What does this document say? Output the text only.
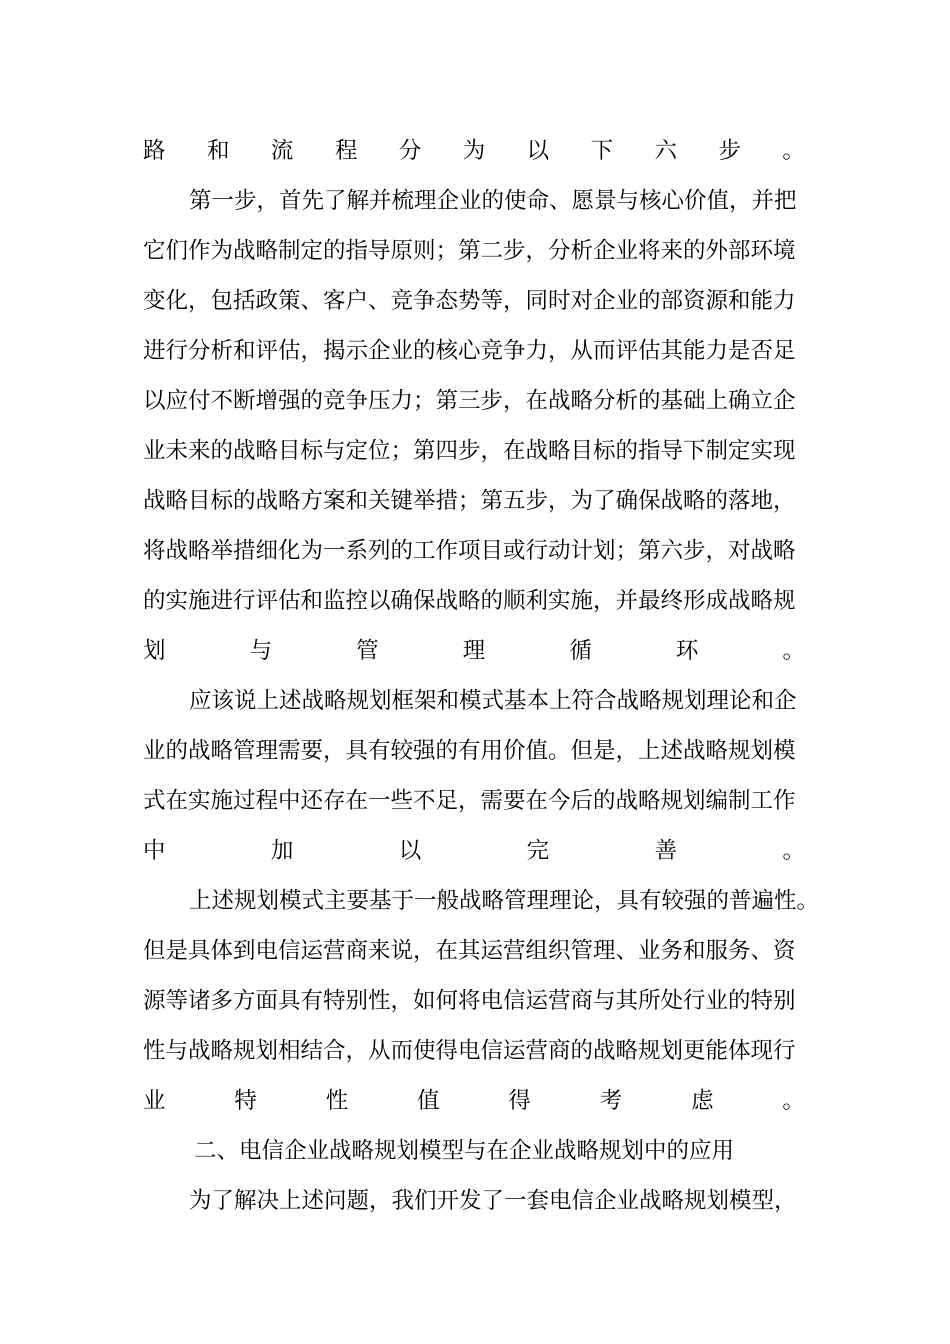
路 和 流 程 分 为 以 下 六 步 。
第一步，首先了解并梳理企业的使命、愿景与核心价值，并把
它们作为战略制定的指导原则；第二步，分析企业将来的外部环境
变化，包括政策、客户、竞争态势等，同时对企业的部资源和能力
进行分析和评估，揭示企业的核心竞争力，从而评估其能力是否足
以应付不断增强的竞争压力；第三步，在战略分析的基础上确立企
业未来的战略目标与定位；第四步，在战略目标的指导下制定实现
战略目标的战略方案和关键举措；第五步，为了确保战略的落地，
将战略举措细化为一系列的工作项目或行动计划；第六步，对战略
的实施进行评估和监控以确保战略的顺利实施，并最终形成战略规
划	与	管	理	循	环	。
应该说上述战略规划框架和模式基本上符合战略规划理论和企
业的战略管理需要，具有较强的有用价值。但是，上述战略规划模
式在实施过程中还存在一些不足，需要在今后的战略规划编制工作
中	加	以	完	善	。
上述规划模式主要基于一般战略管理理论，具有较强的普遍性。
但是具体到电信运营商来说，在其运营组织管理、业务和服务、资
源等诸多方面具有特别性，如何将电信运营商与其所处行业的特别
性与战略规划相结合，从而使得电信运营商的战略规划更能体现行
业	特	性	值	得	考	虑	。
二、电信企业战略规划模型与在企业战略规划中的应用
为了解决上述问题，我们开发了一套电信企业战略规划模型，
